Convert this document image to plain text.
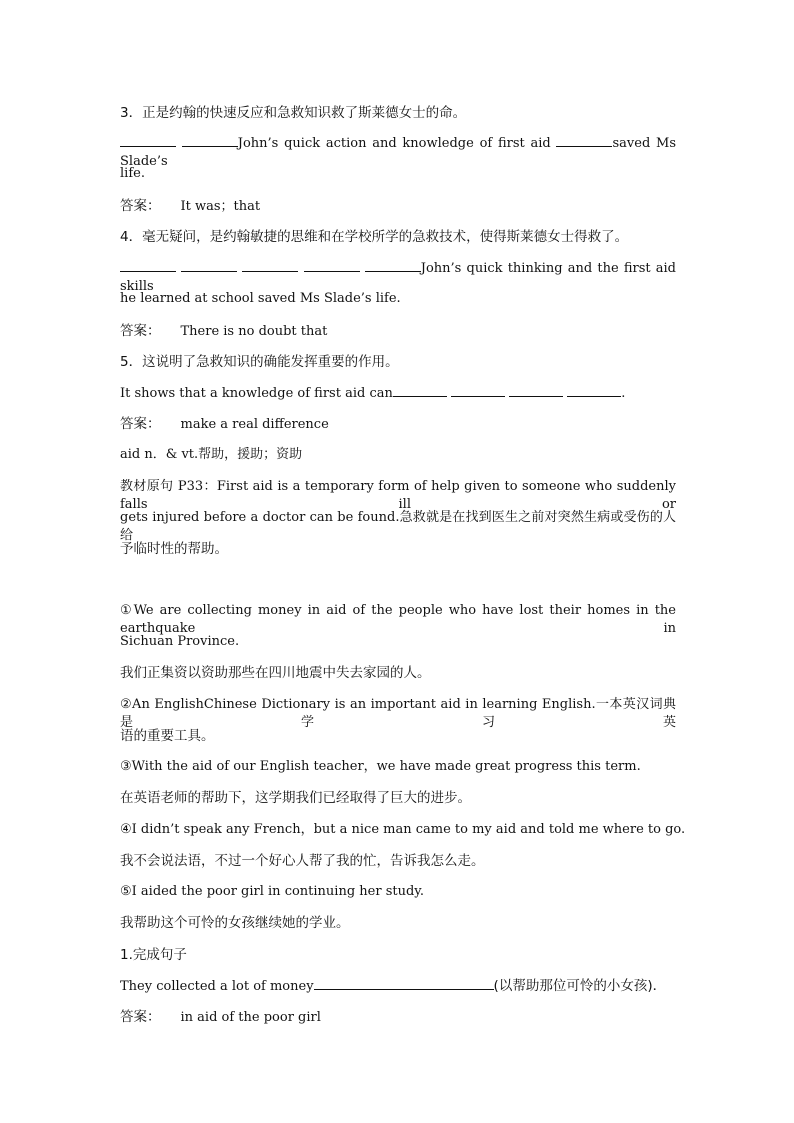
3．正是约翰的快速反应和急救知识救了斯莱德女士的命。
John’s quick action and knowledge of first aid	saved Ms Slade’s
life.
答案： It was；that
4．毫无疑问，是约翰敏捷的思维和在学校所学的急救技术，使得斯莱德女士得救了。
John’s quick thinking and the first aid skills
he learned at school saved Ms Slade’s life.
答案： There is no doubt that
5．这说明了急救知识的确能发挥重要的作用。
It shows that a knowledge of first aid can	.
答案： make a real difference
aid n．& vt.帮助，援助；资助
教材原句 P33：First aid is a temporary form of help given to someone who suddenly falls ill or
gets injured before a doctor can be found.急救就是在找到医生之前对突然生病或受伤的人给
予临时性的帮助。
①We are collecting money in aid of the people who have lost their homes in the earthquake in
Sichuan Province.
我们正集资以资助那些在四川地震中失去家园的人。
②An EnglishChinese Dictionary is an important aid in learning English.一本英汉词典是学习英
语的重要工具。
③With the aid of our English teacher，we have made great progress this term.
在英语老师的帮助下，这学期我们已经取得了巨大的进步。
④I didn’t speak any French，but a nice man came to my aid and told me where to go.
我不会说法语，不过一个好心人帮了我的忙，告诉我怎么走。
⑤I aided the poor girl in continuing her study.
我帮助这个可怜的女孩继续她的学业。
1.完成句子
They collected a lot of money	(以帮助那位可怜的小女孩)．
答案： in aid of the poor girl
